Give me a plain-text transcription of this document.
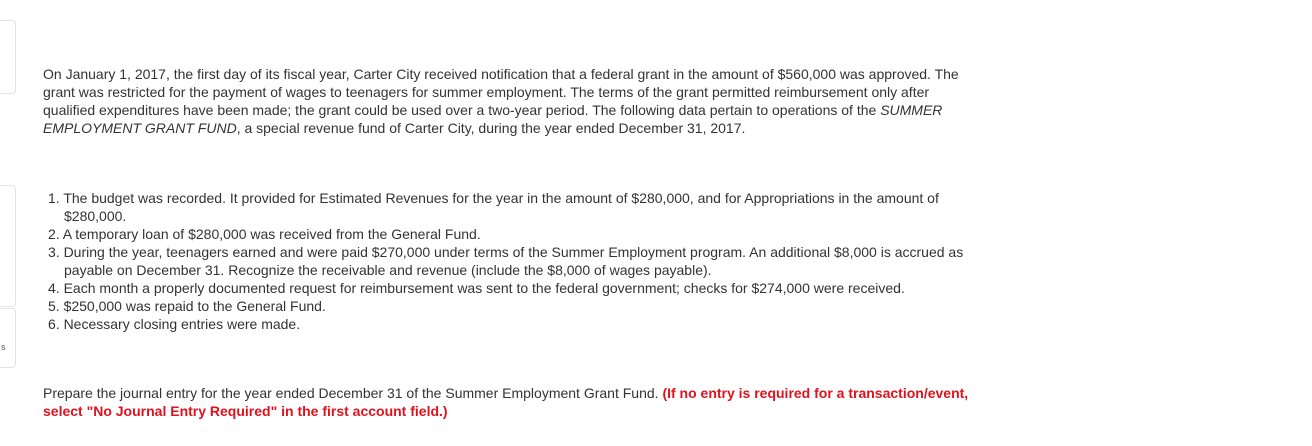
s

On January 1, 2017, the first day of its fiscal year, Carter City received notification that a federal grant in the amount of $560,000 was approved. The grant was restricted for the payment of wages to teenagers for summer employment. The terms of the grant permitted reimbursement only after qualified expenditures have been made; the grant could be used over a two-year period. The following data pertain to operations of the SUMMER EMPLOYMENT GRANT FUND, a special revenue fund of Carter City, during the year ended December 31, 2017.

1. The budget was recorded. It provided for Estimated Revenues for the year in the amount of $280,000, and for Appropriations in the amount of $280,000.
2. A temporary loan of $280,000 was received from the General Fund.
3. During the year, teenagers earned and were paid $270,000 under terms of the Summer Employment program. An additional $8,000 is accrued as payable on December 31. Recognize the receivable and revenue (include the $8,000 of wages payable).
4. Each month a properly documented request for reimbursement was sent to the federal government; checks for $274,000 were received.
5. $250,000 was repaid to the General Fund.
6. Necessary closing entries were made.

Prepare the journal entry for the year ended December 31 of the Summer Employment Grant Fund. (If no entry is required for a transaction/event, select "No Journal Entry Required" in the first account field.)
